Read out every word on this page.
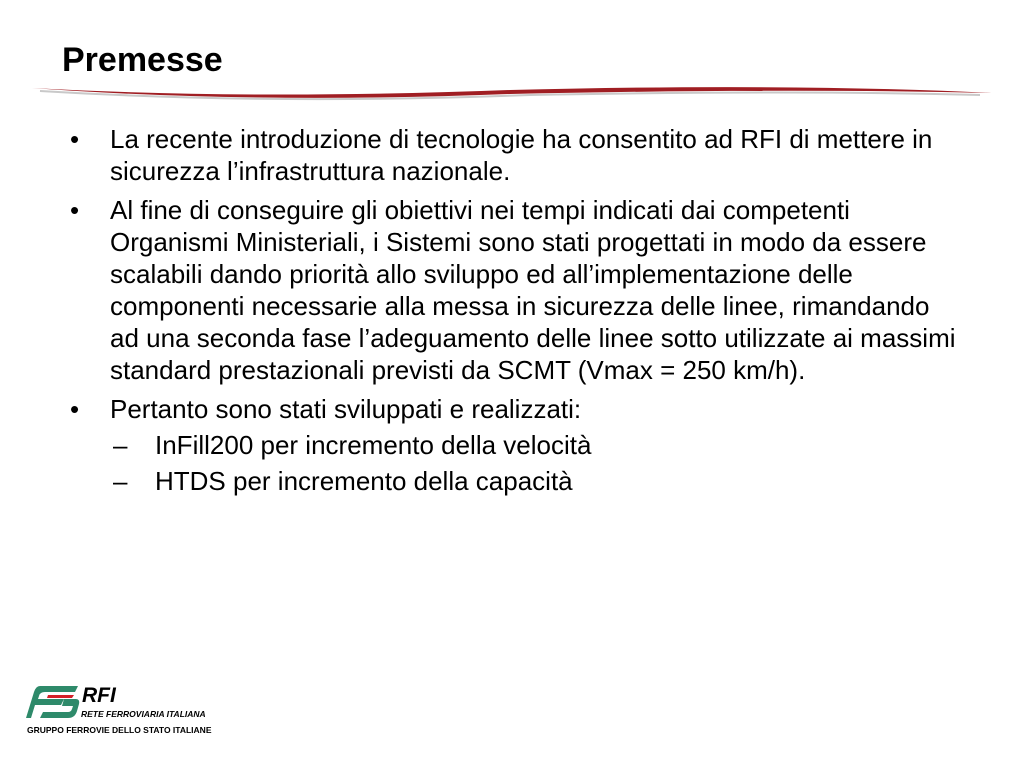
Premesse
• La recente introduzione di tecnologie ha consentito ad RFI di mettere in sicurezza l’infrastruttura nazionale.
• Al fine di conseguire gli obiettivi nei tempi indicati dai competenti Organismi Ministeriali, i Sistemi sono stati progettati in modo da essere scalabili dando priorità allo sviluppo ed all’implementazione delle componenti necessarie alla messa in sicurezza delle linee, rimandando ad una seconda fase l’adeguamento delle linee sotto utilizzate ai massimi standard prestazionali previsti da SCMT (Vmax = 250 km/h).
• Pertanto sono stati sviluppati e realizzati:
– InFill200 per incremento della velocità
– HTDS per incremento della capacità
RFI
RETE FERROVIARIA ITALIANA
GRUPPO FERROVIE DELLO STATO ITALIANE
